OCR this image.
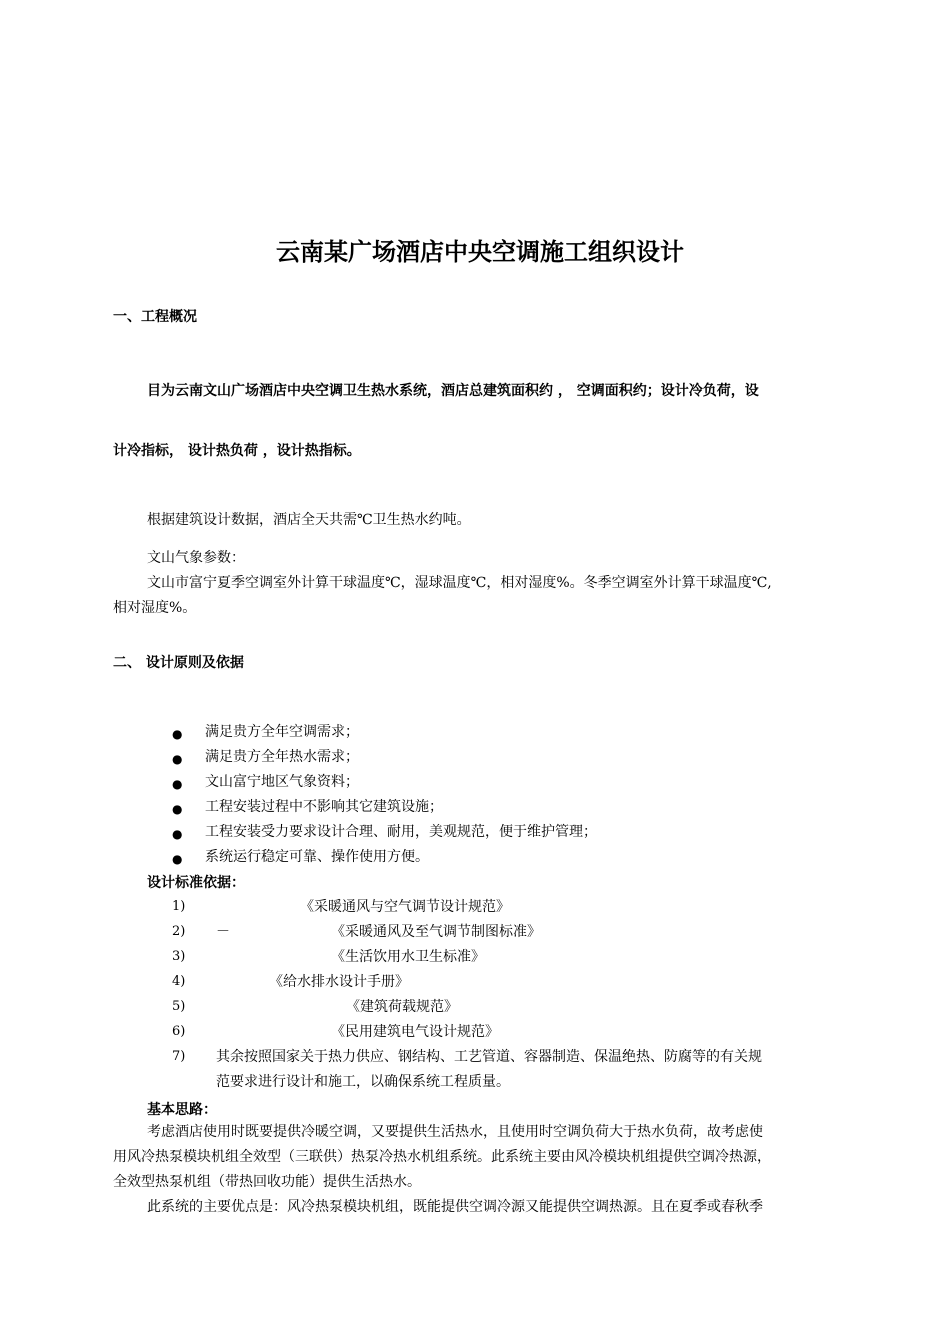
云南某广场酒店中央空调施工组织设计
一、工程概况
目为云南文山广场酒店中央空调卫生热水系统，酒店总建筑面积约 ， 空调面积约；设计冷负荷，设
计冷指标， 设计热负荷 ，设计热指标。
根据建筑设计数据，酒店全天共需℃卫生热水约吨。
文山气象参数：
文山市富宁夏季空调室外计算干球温度℃，湿球温度℃，相对湿度%。冬季空调室外计算干球温度℃,
相对湿度%。
二、 设计原则及依据
● 满足贵方全年空调需求；
● 满足贵方全年热水需求；
● 文山富宁地区气象资料；
● 工程安装过程中不影响其它建筑设施；
● 工程安装受力要求设计合理、耐用，美观规范，便于维护管理；
● 系统运行稳定可靠、操作使用方便。
设计标准依据：
1)	《采暖通风与空气调节设计规范》
2) －	《采暖通风及至气调节制图标准》
3)	《生活饮用水卫生标准》
4)	《给水排水设计手册》
5)	《建筑荷载规范》
6)	《民用建筑电气设计规范》
7) 其余按照国家关于热力供应、钢结构、工艺管道、容器制造、保温绝热、防腐等的有关规
范要求进行设计和施工，以确保系统工程质量。
基本思路：
考虑酒店使用时既要提供冷暖空调，又要提供生活热水，且使用时空调负荷大于热水负荷，故考虑使
用风冷热泵模块机组全效型（三联供）热泵冷热水机组系统。此系统主要由风冷模块机组提供空调冷热源，
全效型热泵机组（带热回收功能）提供生活热水。
此系统的主要优点是：风冷热泵模块机组，既能提供空调冷源又能提供空调热源。且在夏季或春秋季
